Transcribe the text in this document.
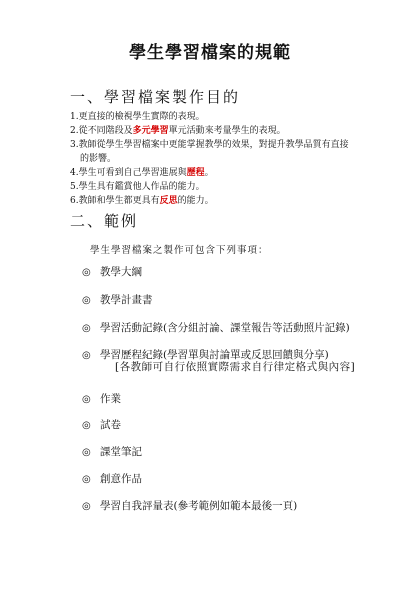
學生學習檔案的規範
一、學習檔案製作目的
1.更直接的檢視學生實際的表現。
2.從不同階段及多元學習單元活動來考量學生的表現。
3.教師從學生學習檔案中更能掌握教學的效果，對提升教學品質有直接
的影響。
4.學生可看到自己學習進展與歷程。
5.學生具有鑑賞他人作品的能力。
6.教師和學生都更具有反思的能力。
二、範例
學生學習檔案之製作可包含下列事項：
◎ 教學大綱
◎ 教學計畫書
◎ 學習活動記錄(含分組討論、課堂報告等活動照片記錄)
◎ 學習歷程紀錄(學習單與討論單或反思回饋與分享)
◎ 作業
◎ 試卷
◎ 課堂筆記
◎ 創意作品
◎ 學習自我評量表(參考範例如範本最後一頁)
[各教師可自行依照實際需求自行律定格式與內容]
